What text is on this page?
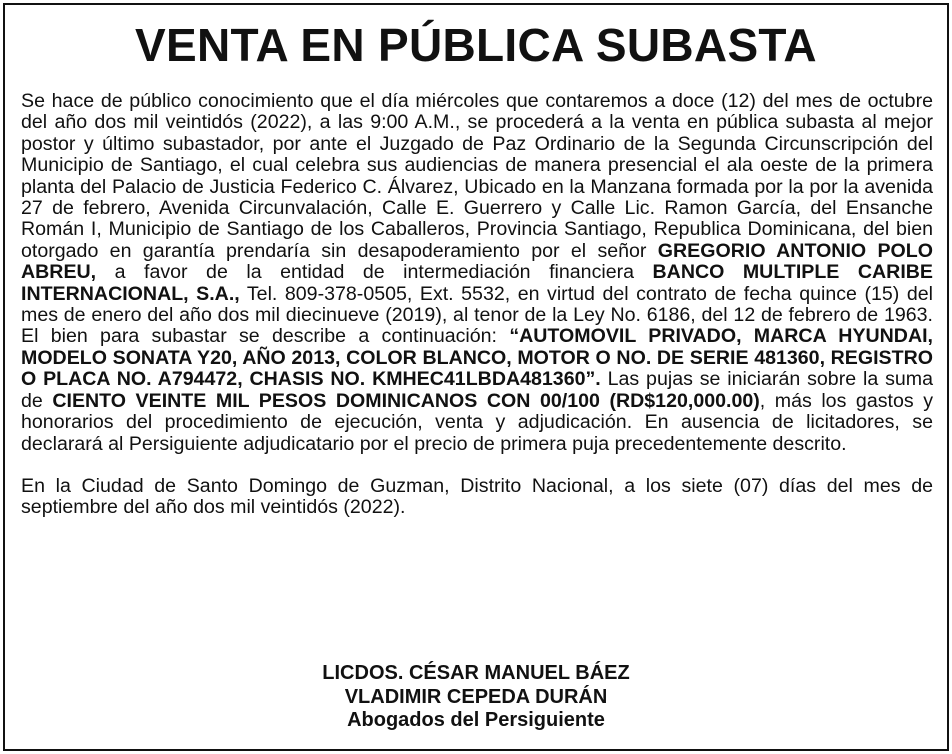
VENTA EN PÚBLICA SUBASTA

Se hace de público conocimiento que el día miércoles que contaremos a doce (12) del mes de octubre del año dos mil veintidós (2022), a las 9:00 A.M., se procederá a la venta en pública subasta al mejor postor y último subastador, por ante el Juzgado de Paz Ordinario de la Segunda Circunscripción del Municipio de Santiago, el cual celebra sus audiencias de manera presencial el ala oeste de la primera planta del Palacio de Justicia Federico C. Álvarez, Ubicado en la Manzana formada por la por la avenida 27 de febrero, Avenida Circunvalación, Calle E. Guerrero y Calle Lic. Ramon García, del Ensanche Román I, Municipio de Santiago de los Caballeros, Provincia Santiago, Republica Dominicana, del bien otorgado en garantía prendaría sin desapoderamiento por el señor GREGORIO ANTONIO POLO ABREU, a favor de la entidad de intermediación financiera BANCO MULTIPLE CARIBE INTERNACIONAL, S.A., Tel. 809-378-0505, Ext. 5532, en virtud del contrato de fecha quince (15) del mes de enero del año dos mil diecinueve (2019), al tenor de la Ley No. 6186, del 12 de febrero de 1963. El bien para subastar se describe a continuación: “AUTOMOVIL PRIVADO, MARCA HYUNDAI, MODELO SONATA Y20, AÑO 2013, COLOR BLANCO, MOTOR O NO. DE SERIE 481360, REGISTRO O PLACA NO. A794472, CHASIS NO. KMHEC41LBDA481360”. Las pujas se iniciarán sobre la suma de CIENTO VEINTE MIL PESOS DOMINICANOS CON 00/100 (RD$120,000.00), más los gastos y honorarios del procedimiento de ejecución, venta y adjudicación. En ausencia de licitadores, se declarará al Persiguiente adjudicatario por el precio de primera puja precedentemente descrito.

En la Ciudad de Santo Domingo de Guzman, Distrito Nacional, a los siete (07) días del mes de septiembre del año dos mil veintidós (2022).

LICDOS. CÉSAR MANUEL BÁEZ
VLADIMIR CEPEDA DURÁN
Abogados del Persiguiente
